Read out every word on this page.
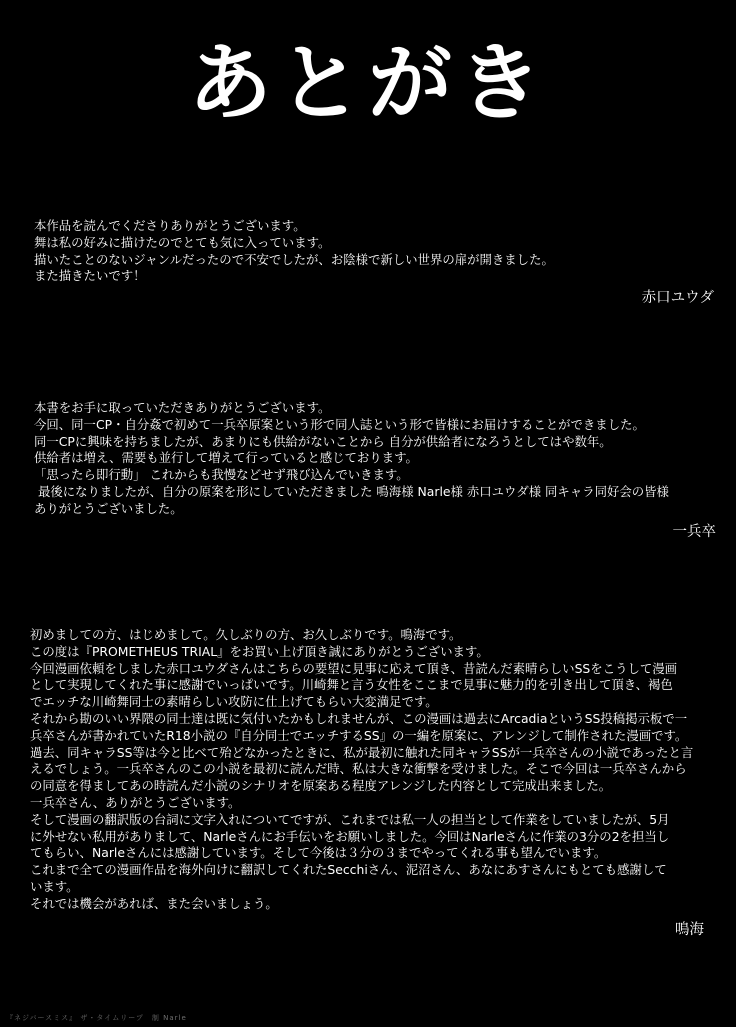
あとがき
本作品を読んでくださりありがとうございます。
舞は私の好みに描けたのでとても気に入っています。
描いたことのないジャンルだったので不安でしたが、お陰様で新しい世界の扉が開きました。
また描きたいです！
赤口ユウダ
本書をお手に取っていただきありがとうございます。
今回、同一CP・自分姦で初めて一兵卒原案という形で同人誌という形で皆様にお届けすることができました。
同一CPに興味を持ちましたが、あまりにも供給がないことから 自分が供給者になろうとしてはや数年。
供給者は増え、需要も並行して増えて行っていると感じております。
「思ったら即行動」 これからも我慢などせず飛び込んでいきます。
最後になりましたが、自分の原案を形にしていただきました 鳴海様 Narle様 赤口ユウダ様 同キャラ同好会の皆様
ありがとうございました。
一兵卒
初めましての方、はじめまして。久しぶりの方、お久しぶりです。鳴海です。
この度は『PROMETHEUS TRIAL』をお買い上げ頂き誠にありがとうございます。
今回漫画依頼をしました赤口ユウダさんはこちらの要望に見事に応えて頂き、昔読んだ素晴らしいSSをこうして漫画
として実現してくれた事に感謝でいっぱいです。川崎舞と言う女性をここまで見事に魅力的を引き出して頂き、褐色
でエッチな川崎舞同士の素晴らしい攻防に仕上げてもらい大変満足です。
それから勘のいい界隈の同士達は既に気付いたかもしれませんが、この漫画は過去にArcadiaというSS投稿掲示板で一
兵卒さんが書かれていたR18小説の『自分同士でエッチするSS』の一編を原案に、アレンジして制作された漫画です。
過去、同キャラSS等は今と比べて殆どなかったときに、私が最初に触れた同キャラSSが一兵卒さんの小説であったと言
えるでしょう。一兵卒さんのこの小説を最初に読んだ時、私は大きな衝撃を受けました。そこで今回は一兵卒さんから
の同意を得ましてあの時読んだ小説のシナリオを原案ある程度アレンジした内容として完成出来ました。
一兵卒さん、ありがとうございます。
そして漫画の翻訳版の台詞に文字入れについてですが、これまでは私一人の担当として作業をしていましたが、5月
に外せない私用がありまして、Narleさんにお手伝いをお願いしました。今回はNarleさんに作業の3分の2を担当し
てもらい、Narleさんには感謝しています。そして今後は３分の３までやってくれる事も望んでいます。
これまで全ての漫画作品を海外向けに翻訳してくれたSecchiさん、泥沼さん、あなにあすさんにもとても感謝して
います。
それでは機会があれば、また会いましょう。
鳴海
『ネジバースミス』 ザ・タイムリープ　制 Narle
